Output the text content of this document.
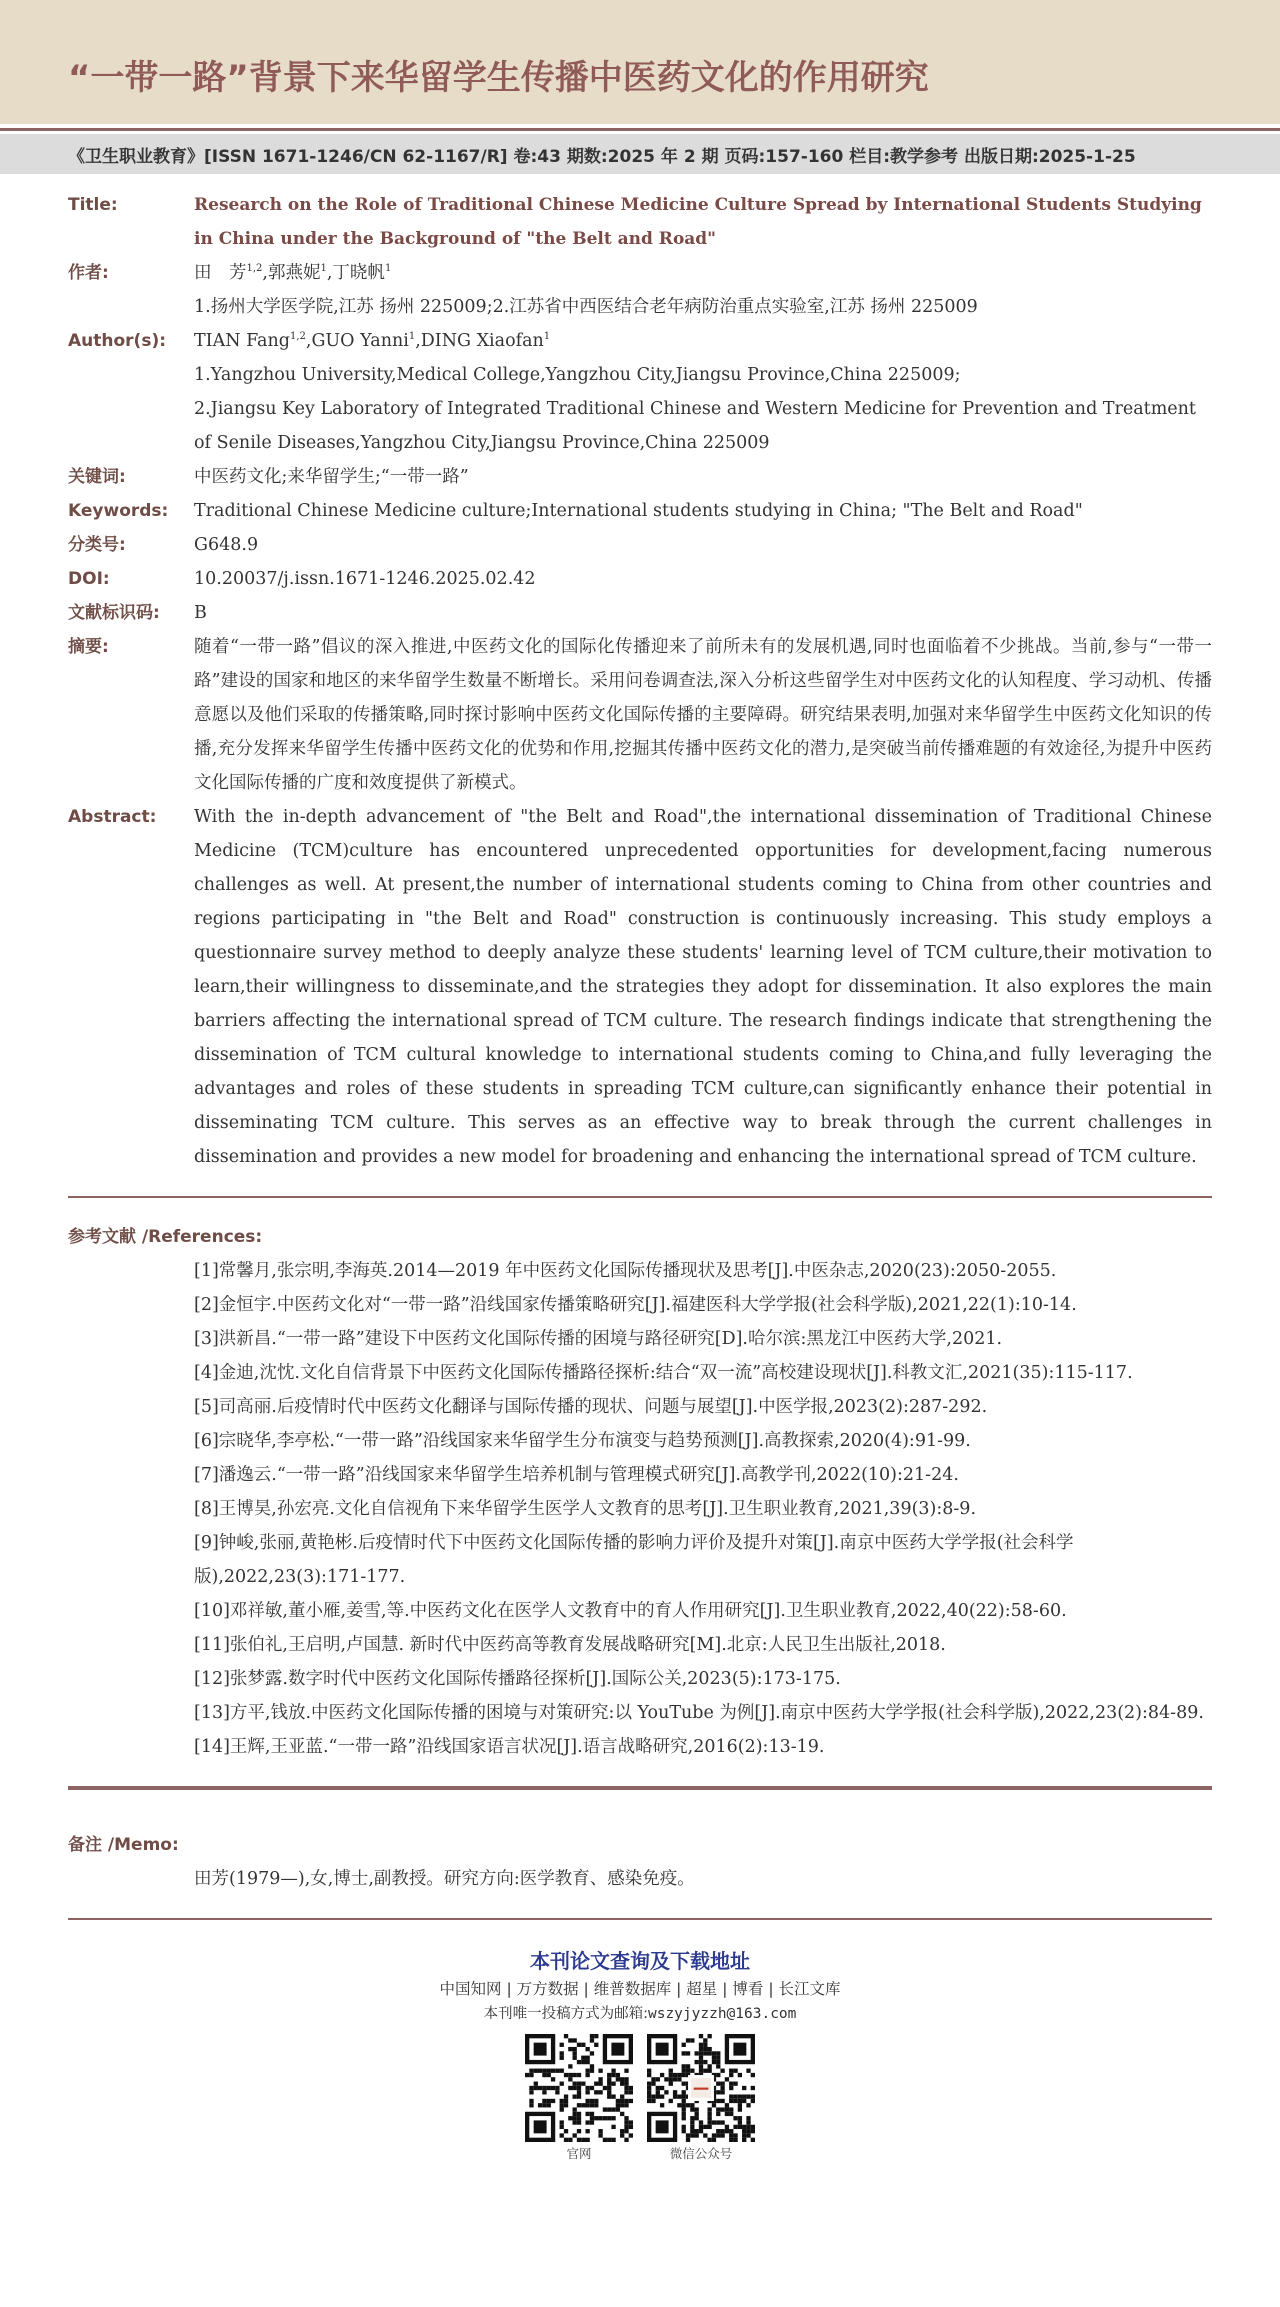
“一带一路”背景下来华留学生传播中医药文化的作用研究
《卫生职业教育》[ISSN 1671-1246/CN 62-1167/R] 卷:43 期数:2025 年 2 期 页码:157-160 栏目:教学参考 出版日期:2025-1-25
Title:	Research on the Role of Traditional Chinese Medicine Culture Spread by International Students Studying in China under the Background of "the Belt and Road"
作者:	田　芳$^{1,2}$,郭燕妮$^1$,丁晓帆$^1$

1.扬州大学医学院,江苏 扬州 225009;2.江苏省中西医结合老年病防治重点实验室,江苏 扬州 225009

Author(s):	TIAN Fang$^{1,2}$,GUO Yanni$^1$,DING Xiaofan$^1$

1.Yangzhou University,Medical College,Yangzhou City,Jiangsu Province,China 225009;

2.Jiangsu Key Laboratory of Integrated Traditional Chinese and Western Medicine for Prevention and Treatment of Senile Diseases,Yangzhou City,Jiangsu Province,China 225009

关键词:	中医药文化;来华留学生;“一带一路”
Keywords:	Traditional Chinese Medicine culture;International students studying in China; "The Belt and Road"
分类号:	G648.9
DOI:	10.20037/j.issn.1671-1246.2025.02.42
文献标识码:	B
摘要:	随着“一带一路”倡议的深入推进,中医药文化的国际化传播迎来了前所未有的发展机遇,同时也面临着不少挑战。当前,参与“一带一路”建设的国家和地区的来华留学生数量不断增长。采用问卷调查法,深入分析这些留学生对中医药文化的认知程度、学习动机、传播意愿以及他们采取的传播策略,同时探讨影响中医药文化国际传播的主要障碍。研究结果表明,加强对来华留学生中医药文化知识的传播,充分发挥来华留学生传播中医药文化的优势和作用,挖掘其传播中医药文化的潜力,是突破当前传播难题的有效途径,为提升中医药文化国际传播的广度和效度提供了新模式。
Abstract:	With the in-depth advancement of "the Belt and Road",the international dissemination of Traditional Chinese Medicine (TCM)culture has encountered unprecedented opportunities for development,facing numerous challenges as well. At present,the number of international students coming to China from other countries and regions participating in "the Belt and Road" construction is continuously increasing. This study employs a questionnaire survey method to deeply analyze these students' learning level of TCM culture,their motivation to learn,their willingness to disseminate,and the strategies they adopt for dissemination. It also explores the main barriers affecting the international spread of TCM culture. The research findings indicate that strengthening the dissemination of TCM cultural knowledge to international students coming to China,and fully leveraging the advantages and roles of these students in spreading TCM culture,can significantly enhance their potential in disseminating TCM culture. This serves as an effective way to break through the current challenges in dissemination and provides a new model for broadening and enhancing the international spread of TCM culture.
参考文献 /References:
[1]常馨月,张宗明,李海英.2014—2019 年中医药文化国际传播现状及思考[J].中医杂志,2020(23):2050-2055.
[2]金恒宇.中医药文化对“一带一路”沿线国家传播策略研究[J].福建医科大学学报(社会科学版),2021,22(1):10-14.
[3]洪新昌.“一带一路”建设下中医药文化国际传播的困境与路径研究[D].哈尔滨:黑龙江中医药大学,2021.
[4]金迪,沈忱.文化自信背景下中医药文化国际传播路径探析:结合“双一流”高校建设现状[J].科教文汇,2021(35):115-117.
[5]司高丽.后疫情时代中医药文化翻译与国际传播的现状、问题与展望[J].中医学报,2023(2):287-292.
[6]宗晓华,李亭松.“一带一路”沿线国家来华留学生分布演变与趋势预测[J].高教探索,2020(4):91-99.
[7]潘逸云.“一带一路”沿线国家来华留学生培养机制与管理模式研究[J].高教学刊,2022(10):21-24.
[8]王博昊,孙宏亮.文化自信视角下来华留学生医学人文教育的思考[J].卫生职业教育,2021,39(3):8-9.
[9]钟峻,张丽,黄艳彬.后疫情时代下中医药文化国际传播的影响力评价及提升对策[J].南京中医药大学学报(社会科学版),2022,23(3):171-177.
[10]邓祥敏,董小雁,姜雪,等.中医药文化在医学人文教育中的育人作用研究[J].卫生职业教育,2022,40(22):58-60.
[11]张伯礼,王启明,卢国慧. 新时代中医药高等教育发展战略研究[M].北京:人民卫生出版社,2018.
[12]张梦露.数字时代中医药文化国际传播路径探析[J].国际公关,2023(5):173-175.
[13]方平,钱放.中医药文化国际传播的困境与对策研究:以 YouTube 为例[J].南京中医药大学学报(社会科学版),2022,23(2):84-89.
[14]王辉,王亚蓝.“一带一路”沿线国家语言状况[J].语言战略研究,2016(2):13-19.
备注 /Memo:
田芳(1979—),女,博士,副教授。研究方向:医学教育、感染免疫。
本刊论文查询及下载地址
中国知网 | 万方数据 | 维普数据库 | 超星 | 博看 | 长江文库
本刊唯一投稿方式为邮箱:wszyjyzzh@163.com
官网	微信公众号
